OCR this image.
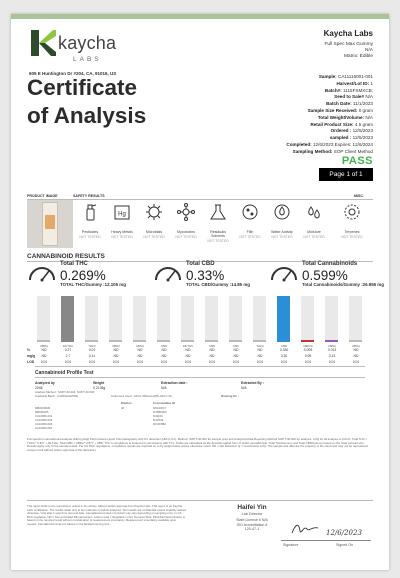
kaycha
LABS
605 E Huntington Dr #204, CA, 91016, US
Kaycha Labs
Full Spec Max Gummy
N/A
Matrix: Edible
Certificate
of Analysis
Sample: CA11116001-001
Harvest/Lot ID: 1
Batch#: 1115FSMXCB;
Seed to Sale# N/A
Batch Date: 11/1/2023
Sample Size Received: 0 gram
Total Weight/Volume: N/A
Retail Product Size: 4.5 gram
Ordered : 12/5/2023
sampled : 12/5/2023
Completed: 12/6/2023 Expires: 12/6/2024
Sampling Method: SOP Client Method
PASS
Page 1 of 1
PRODUCT IMAGE	SAFETY RESULTS	MISC.
Pesticides
NOT TESTED
Hg
Heavy Metals
NOT TESTED
Microbials
NOT TESTED
Mycotoxins
NOT TESTED
Residuals Solvents
NOT TESTED
Filth
NOT TESTED
Water Activity
NOT TESTED
Moisture
NOT TESTED
Terpenes
NOT TESTED
CANNABINOID RESULTS
Total THC
0.269%
TOTAL THC/Gummy :12.105 mg
Total CBD
0.33%
TOTAL CBD/Gummy :14.85 mg
Total Cannabinoids
0.599%
Total Cannabinoids/Gummy :26.955 mg
CBDA	D9-THC	THCV	CBDV	CBGA	CBG	D8-THC	CBN	CBC	THCA	CBD	CBDVA	CBNA	CBCA
%	ND	0.27	0.01	ND	ND	ND	ND	ND	ND	ND	0.330	0.009	0.013	ND
mg/g	ND	2.7	0.11	ND	ND	ND	ND	ND	ND	ND	3.30	0.09	0.13	ND
LOD	0.01	0.01	0.01	0.01	0.01	0.01	0.01	0.01	0.01	0.01	0.01	0.01	0.01	0.01
Cannabinoid Profile Test
Analyzed by
2048
Weight
0.2135g
Extraction date :
N/A
Extracted By :
N/A
Analysis Method : SOP.T-40.002, SOP.T-40.006
Analytical Batch : CA000112HPDE	Instrument Used : HPLC-35(Hamo(P8)-HPLC-31)	Running On :
Dilution
40
Consumables ID
M5313017
M76B5000
M11154
M12543
9213F8B2
MB0000045
MB000045
CA10066-001
CA10066-002
CA10066-003
CA10066-004
Full spectrum cannabinoid analysis utilizing High Performance Liquid Chromatography with UV detection (HPLC-UV). Method: SOP.T-40.002 for sample prep and Analytical Data Reporting Method SOP.T-40.006 for analysis. LOQ for all analytes is 0.01%. Total THC = THCa * 0.877 + d9-THC; Total CBD = CBDa * 0.877 + CBD; TCL is compliance is analyzed in accordance with TCL. Totals are calculated as the decarboxylated form of acidic cannabinoids. Total THC/Gummy and Total CBD/Gummy based on the retail product size. Results apply only to the sample tested. Per CA DCC regulations, compliance results are reported on a dry weight basis unless otherwise noted. ND = Not Detected. Q = result below LOQ. The sample and data are the property of the client and may not be reproduced except in full without written approval of the laboratory.
This report shall not be reproduced, unless in its entirety, without written approval from Kaycha Labs. This report is an Kaycha Labs certification. The results relate only to the material or product analyzed. Test results are confidential unless explicitly waived otherwise. Void after 1 year from test end date. Cannabinoid content of product may vary depending on sampling error. In CA BCC regulation, ND = Non-controlled DE parameters. Action Level = Regulatory Limit. Decision Rule: Pass/Fail determination is based on the reported result without consideration of measurement uncertainty. Measurement uncertainty available upon request. Cannabinoid content is based on the labelled serving size.
Haifei Yin
Lab Director
State License # N/A
ISO Accreditation #
L20-47-1	12/6/2023
Signature	Signed On
